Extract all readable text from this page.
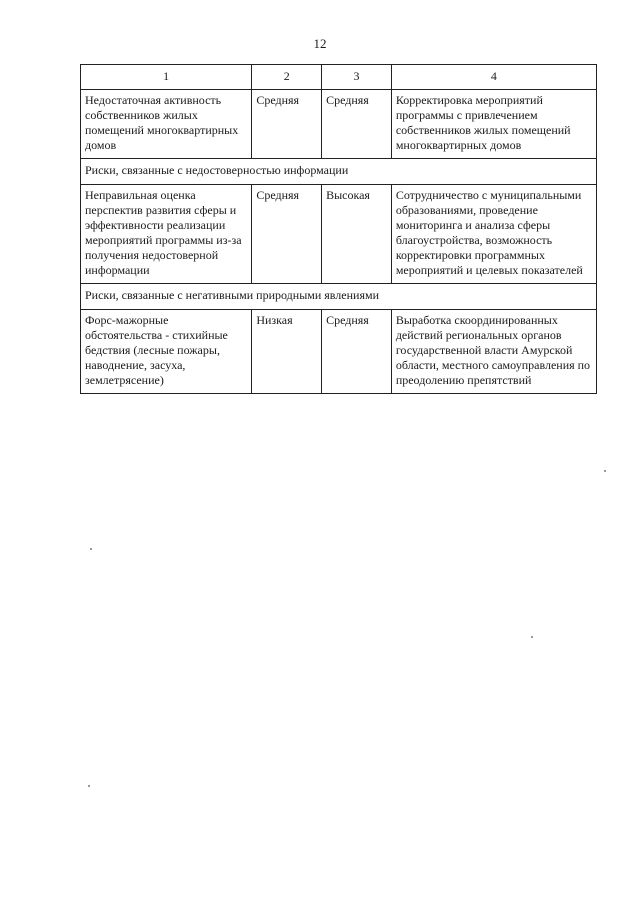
12
1	2	3	4
Недостаточная активность собственников жилых помещений многоквартирных домов	Средняя	Средняя	Корректировка мероприятий программы с привлечением собственников жилых помещений многоквартирных домов
Риски, связанные с недостоверностью информации			
Неправильная оценка перспектив развития сферы и эффективности реализации мероприятий программы из-за получения недостоверной информации	Средняя	Высокая	Сотрудничество с муниципальными образованиями, проведение мониторинга и анализа сферы благоустройства, возможность корректировки программных мероприятий и целевых показателей
Риски, связанные с негативными природными явлениями			
Форс-мажорные обстоятельства - стихийные бедствия (лесные пожары, наводнение, засуха, землетрясение)	Низкая	Средняя	Выработка скоординированных действий региональных органов государственной власти Амурской области, местного самоуправления по преодолению препятствий
